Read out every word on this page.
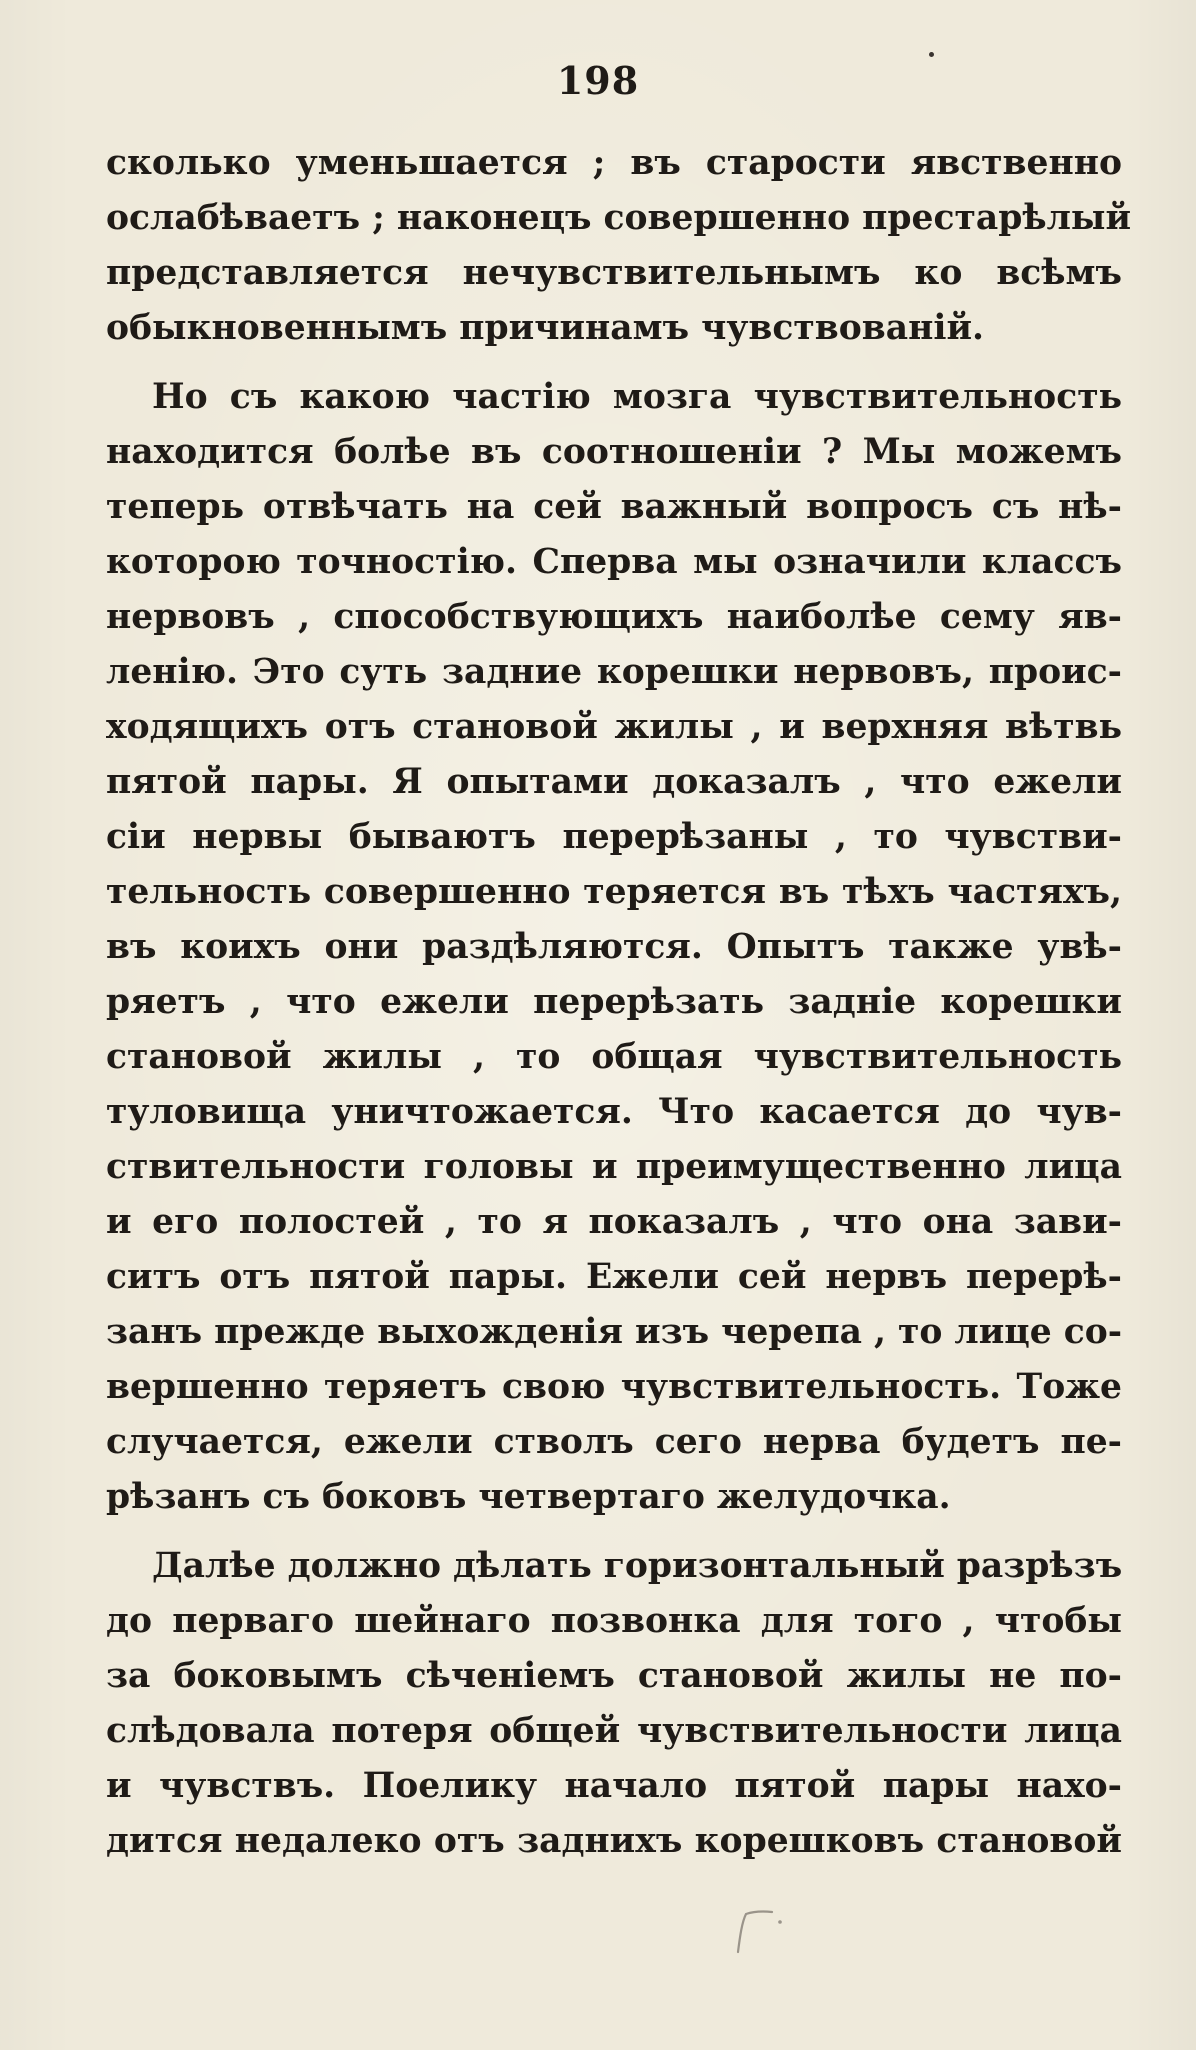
198
сколько уменьшается ; въ старости явственно
ослабѣваетъ ; наконецъ совершенно престарѣлый
представляется нечувствительнымъ ко всѣмъ
обыкновеннымъ причинамъ чувствованiй.
Но съ какою частiю мозга чувствительность
находится болѣе въ соотношенiи ? Мы можемъ
теперь отвѣчать на сей важный вопросъ съ нѣ-
которою точностiю. Сперва мы означили классъ
нервовъ , способствующихъ наиболѣе сему яв-
ленiю. Это суть задние корешки нервовъ, проис-
ходящихъ отъ становой жилы , и верхняя вѣтвь
пятой пары. Я опытами доказалъ , что ежели
сiи нервы бываютъ перерѣзаны , то чувстви-
тельность совершенно теряется въ тѣхъ частяхъ,
въ коихъ они раздѣляются. Опытъ также увѣ-
ряетъ , что ежели перерѣзать заднiе корешки
становой жилы , то общая чувствительность
туловища уничтожается. Что касается до чув-
ствительности головы и преимущественно лица
и его полостей , то я показалъ , что она зави-
ситъ отъ пятой пары. Ежели сей нервъ перерѣ-
занъ прежде выхожденiя изъ черепа , то лице со-
вершенно теряетъ свою чувствительность. Тоже
случается, ежели стволъ сего нерва будетъ пе-
рѣзанъ съ боковъ четвертаго желудочка.
Далѣе должно дѣлать горизонтальный разрѣзъ
до перваго шейнаго позвонка для того , чтобы
за боковымъ сѣченiемъ становой жилы не по-
слѣдовала потеря общей чувствительности лица
и чувствъ. Поелику начало пятой пары нахо-
дится недалеко отъ заднихъ корешковъ становой
